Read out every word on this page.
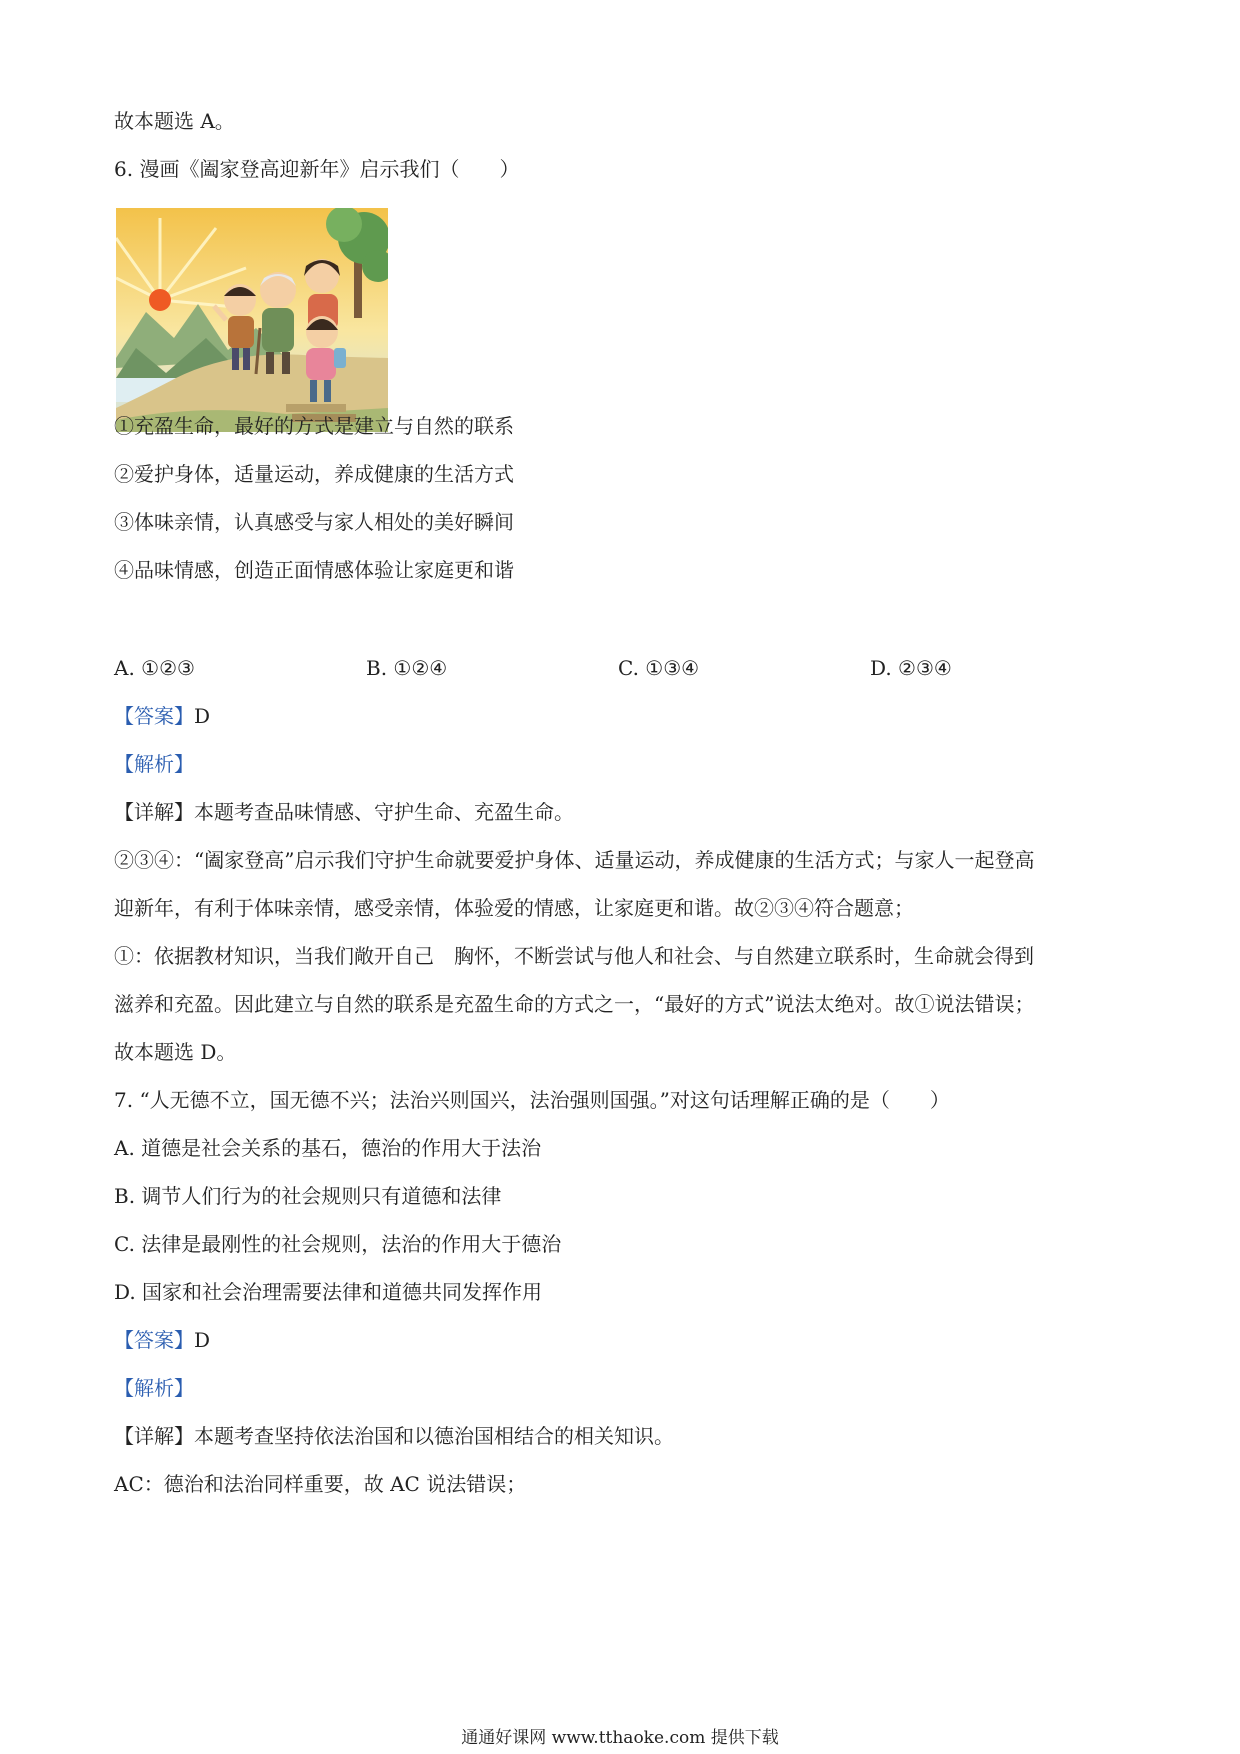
故本题选 A。
6. 漫画《阖家登高迎新年》启示我们（　　）
①充盈生命，最好的方式是建立与自然的联系
②爱护身体，适量运动，养成健康的生活方式
③体味亲情，认真感受与家人相处的美好瞬间
④品味情感，创造正面情感体验让家庭更和谐
A. ①②③	B. ①②④	C. ①③④	D. ②③④
【答案】D
【解析】
【详解】本题考查品味情感、守护生命、充盈生命。
②③④：“阖家登高”启示我们守护生命就要爱护身体、适量运动，养成健康的生活方式；与家人一起登高
迎新年，有利于体味亲情，感受亲情，体验爱的情感，让家庭更和谐。故②③④符合题意；
①：依据教材知识，当我们敞开自己　胸怀，不断尝试与他人和社会、与自然建立联系时，生命就会得到
滋养和充盈。因此建立与自然的联系是充盈生命的方式之一，“最好的方式”说法太绝对。故①说法错误；
故本题选 D。
7. “人无德不立，国无德不兴；法治兴则国兴，法治强则国强。”对这句话理解正确的是（　　）
A. 道德是社会关系的基石，德治的作用大于法治
B. 调节人们行为的社会规则只有道德和法律
C. 法律是最刚性的社会规则，法治的作用大于德治
D. 国家和社会治理需要法律和道德共同发挥作用
【答案】D
【解析】
【详解】本题考查坚持依法治国和以德治国相结合的相关知识。
AC：德治和法治同样重要，故 AC 说法错误；
通通好课网 www.tthaoke.com 提供下载
